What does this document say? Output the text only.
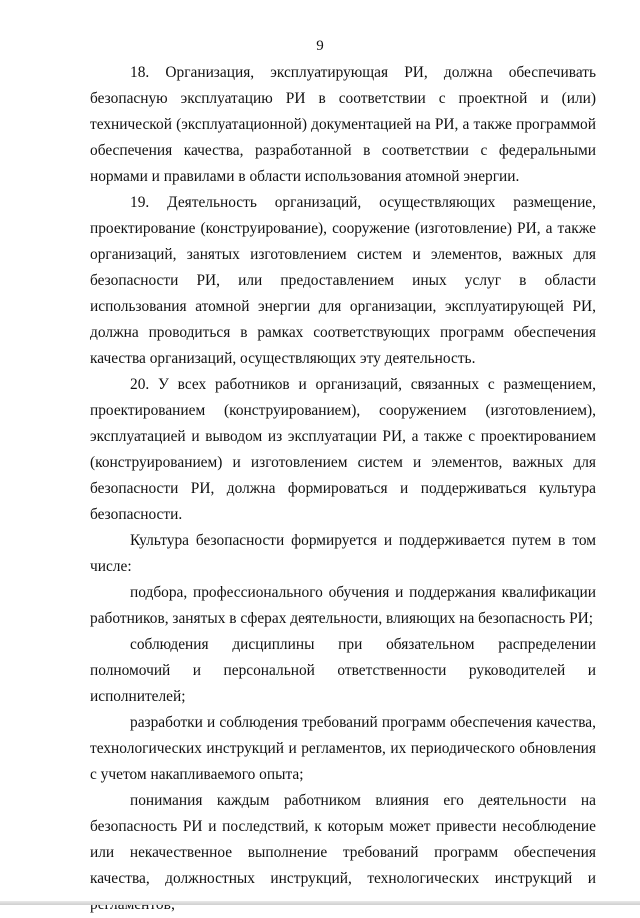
9

18. Организация, эксплуатирующая РИ, должна обеспечивать безопасную эксплуатацию РИ в соответствии с проектной и (или) технической (эксплуатационной) документацией на РИ, а также программой обеспечения качества, разработанной в соответствии с федеральными нормами и правилами в области использования атомной энергии.

19. Деятельность организаций, осуществляющих размещение, проектирование (конструирование), сооружение (изготовление) РИ, а также организаций, занятых изготовлением систем и элементов, важных для безопасности РИ, или предоставлением иных услуг в области использования атомной энергии для организации, эксплуатирующей РИ, должна проводиться в рамках соответствующих программ обеспечения качества организаций, осуществляющих эту деятельность.

20. У всех работников и организаций, связанных с размещением, проектированием (конструированием), сооружением (изготовлением), эксплуатацией и выводом из эксплуатации РИ, а также с проектированием (конструированием) и изготовлением систем и элементов, важных для безопасности РИ, должна формироваться и поддерживаться культура безопасности.

Культура безопасности формируется и поддерживается путем в том числе:

подбора, профессионального обучения и поддержания квалификации работников, занятых в сферах деятельности, влияющих на безопасность РИ;

соблюдения дисциплины при обязательном распределении полномочий и персональной ответственности руководителей и исполнителей;

разработки и соблюдения требований программ обеспечения качества, технологических инструкций и регламентов, их периодического обновления с учетом накапливаемого опыта;

понимания каждым работником влияния его деятельности на безопасность РИ и последствий, к которым может привести несоблюдение или некачественное выполнение требований программ обеспечения качества, должностных инструкций, технологических инструкций и
